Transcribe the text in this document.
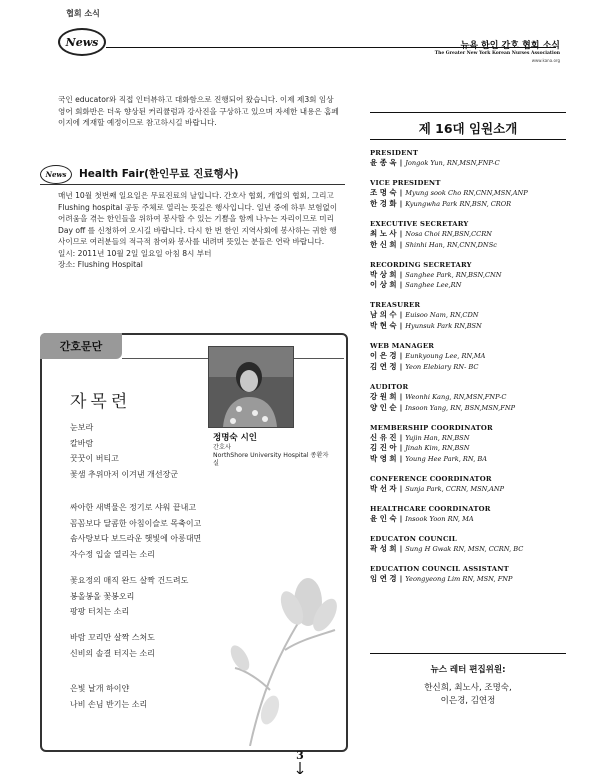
협회 소식
News	뉴욕 한인 간호 협회 소식
The Greater New York Korean Nurses Association
www.kana.org
국인 educator와 직접 인터뷰하고 대화함으로 진행되어 왔습니다. 이제 제3회 임상영어 회화반은 더욱 향상된 커리큘럼과 강사진을 구상하고 있으며 자세한 내용은 홈페이지에 게재할 예정이므로 참고하시길 바랍니다.
News	Health Fair(한인무료 진료행사)
매년 10월 첫번째 일요일은 무료진료의 날입니다. 간호사 협회, 개업의 협회, 그리고 Flushing hospital 공동 주체로 열리는 뜻깊은 행사입니다. 일년 중에 하루 보험없이 어려움을 겪는 한인들을 위하여 봉사할 수 있는 기쁨을 함께 나누는 자리이므로 미리 Day off 를 신청하여 오시길 바랍니다. 다시 한 번 한인 지역사회에 봉사하는 귀한 행사이므로 여러분들의 적극적 참여와 봉사를 내려며 뜻있는 분들은 연락 바랍니다.
일시: 2011년 10월 2일 일요일 아침 8시 부터
장소: Flushing Hospital
간호문단
자목련
정명숙 시인
간호사
NorthShore University Hospital 종환자실
눈보라
칼바람
꿋꿋이 버티고
꽃샘 추위마저 이겨낸 개선장군
싸아한 새벽물은 정기로 샤워 끝내고
꼼꼼보다 달콤한 아침이슬로 목축이고
솜사탕보다 보드라운 햇빛에 아롱대면
자수정 입술 열리는 소리
꽃요정의 매직 완드 살짝 건드려도
봉올봉올 꽃봉오리
팡팡 터치는 소리
바람 꼬리만 살짝 스쳐도
신비의 솔결 터지는 소리
은빛 날개 하이얀
나비 손님 반기는 소리
제 16대 임원소개
PRESIDENT
윤 종 옥 | Jongok Yun, RN,MSN,FNP-C
VICE PRESIDENT
조 명 숙 | Myung sook Cho RN,CNN,MSN,ANP
한 경 화 | Kyungwha Park RN,BSN, CROR
EXECUTIVE SECRETARY
최 노 사 | Nosa Choi RN,BSN,CCRN
한 신 희 | Shinhi Han, RN,CNN,DNSc
RECORDING SECRETARY
박 상 희 | Sanghee Park, RN,BSN,CNN
이 상 희 | Sanghee Lee,RN
TREASURER
남 의 수 | Euisoo Nam, RN,CDN
박 현 숙 | Hyunsuk Park RN,BSN
WEB MANAGER
이 은 경 | Eunkyoung Lee, RN,MA
김 연 정 | Yeon Elebiary RN- BC
AUDITOR
강 원 희 | Weonhi Kang, RN,MSN,FNP-C
양 인 순 | Insoon Yang, RN, BSN,MSN,FNP
MEMBERSHIP COORDINATOR
신 유 진 | Yujin Han, RN,BSN
김 진 아 | Jinah Kim, RN,BSN
박 영 희 | Young Hee Park, RN, BA
CONFERENCE COORDINATOR
박 선 자 | Sunja Park, CCRN, MSN,ANP
HEALTHCARE COORDINATOR
윤 인 숙 | Insook Yoon RN, MA
EDUCATON COUNCIL
곽 성 희 | Sung H Gwak RN, MSN, CCRN, BC
EDUCATION COUNCIL ASSISTANT
임 연 경 | Yeongyeong Lim RN, MSN, FNP
뉴스 레터 편집위원:
한신희, 최노사, 조명숙,
이은경, 김연정
3
